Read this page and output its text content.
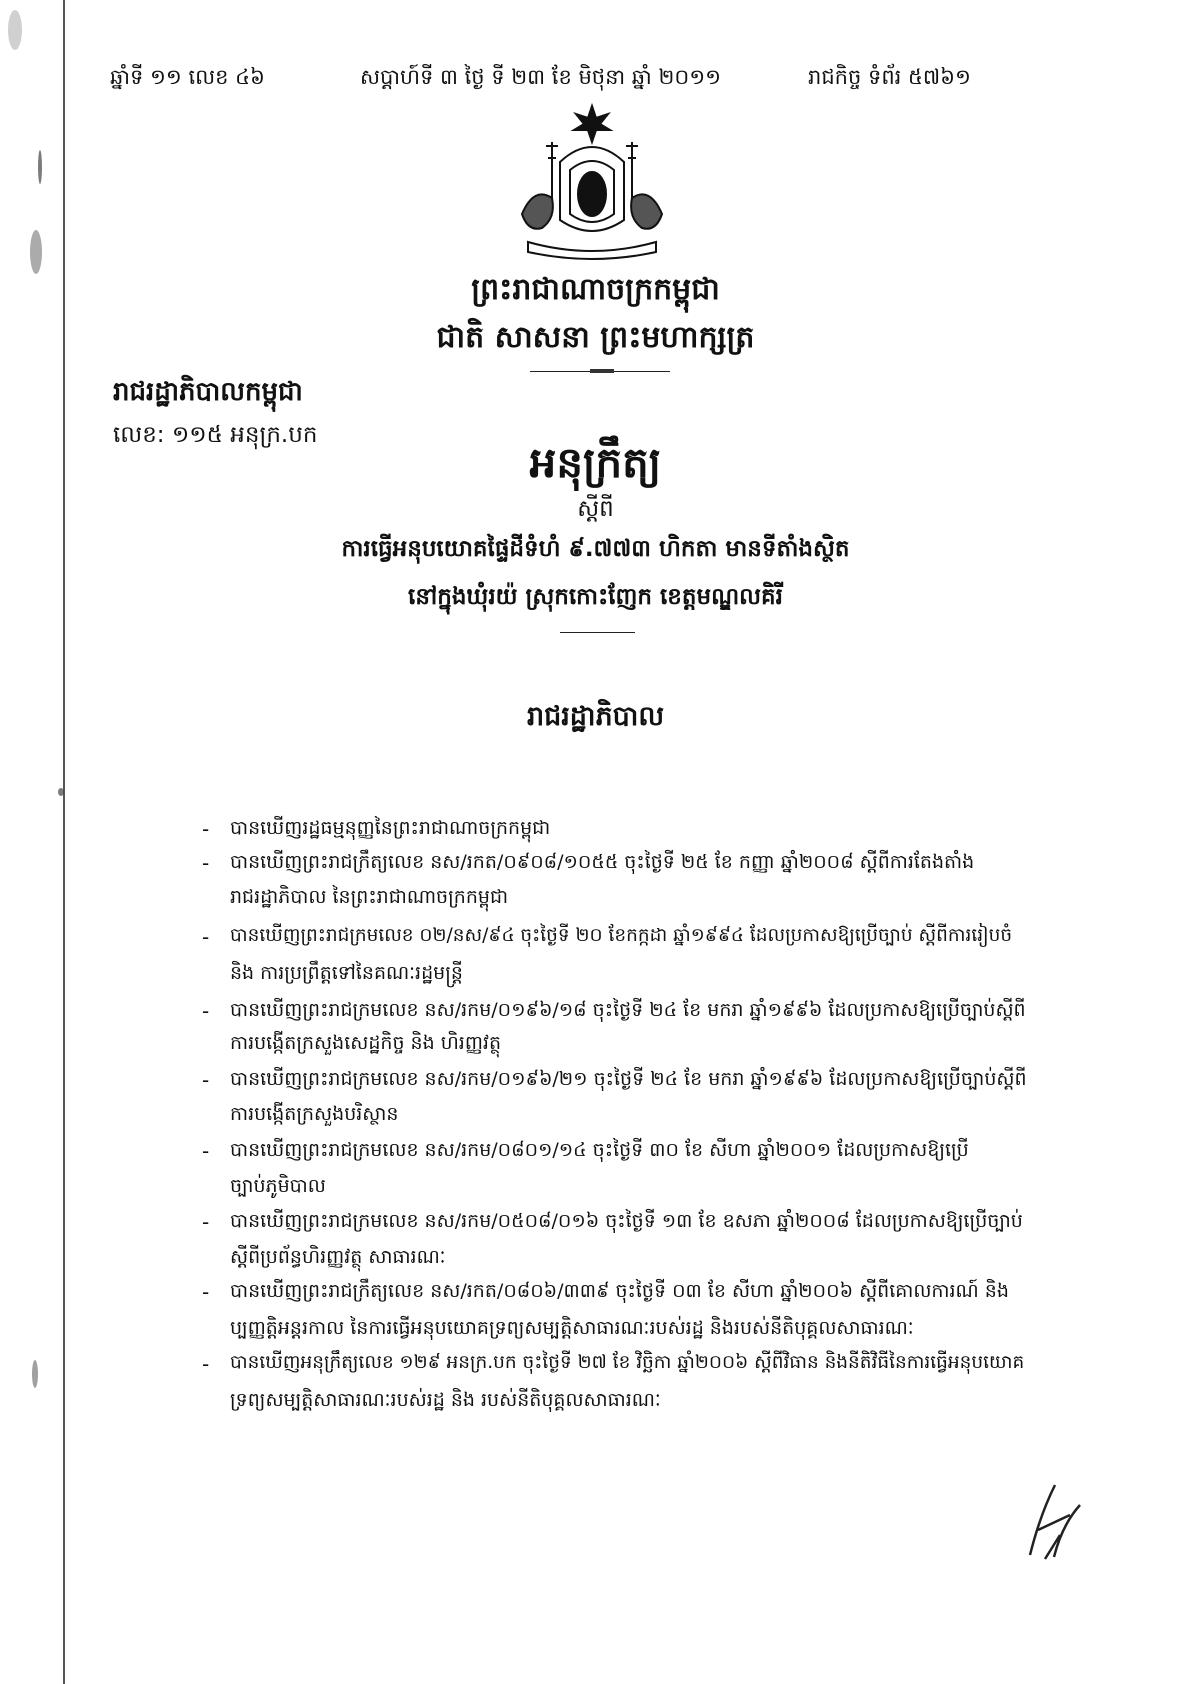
ឆ្នាំទី ១១ លេខ ៤៦	សប្តាហ៍ទី ៣ ថ្ងៃ ទី ២៣ ខែ មិថុនា ឆ្នាំ ២០១១	រាជកិច្ច ទំព័រ ៥៧៦១
ព្រះរាជាណាចក្រកម្ពុជា
ជាតិ សាសនា ព្រះមហាក្សត្រ
រាជរដ្ឋាភិបាលកម្ពុជា
លេខ: ១១៥ អនុក្រ.បក
អនុក្រឹត្យ
ស្តីពី
ការធ្វើអនុបយោគផ្ទៃដីទំហំ ៩.៧៧៣ ហិកតា មានទីតាំងស្ថិត
នៅក្នុងឃុំ​រយ៉ ស្រុកកោះញែក ខេត្តមណ្ឌលគិរី
រាជរដ្ឋាភិបាល
- បានឃើញរដ្ឋធម្មនុញ្ញនៃព្រះរាជាណាចក្រកម្ពុជា
- បានឃើញព្រះរាជក្រឹត្យលេខ នស/រកត/០៩០៨/១០៥៥ ចុះថ្ងៃទី ២៥ ខែ កញ្ញា ឆ្នាំ២០០៨ ស្តីពីការតែងតាំង
រាជរដ្ឋាភិបាល នៃព្រះរាជាណាចក្រកម្ពុជា
- បានឃើញព្រះរាជក្រមលេខ ០២/នស/៩៤ ចុះថ្ងៃទី ២០ ខែកក្កដា ឆ្នាំ១៩៩៤ ដែលប្រកាសឱ្យប្រើច្បាប់ ស្តីពីការរៀបចំ
និង ការប្រព្រឹត្តទៅនៃគណៈរដ្ឋមន្ត្រី
- បានឃើញព្រះរាជក្រមលេខ នស/រកម/០១៩៦/១៨ ចុះថ្ងៃទី ២៤ ខែ មករា ឆ្នាំ១៩៩៦ ដែលប្រកាសឱ្យប្រើច្បាប់ស្តីពី
ការបង្កើតក្រសួងសេដ្ឋកិច្ច និង ហិរញ្ញវត្ថុ
- បានឃើញព្រះរាជក្រមលេខ នស/រកម/០១៩៦/២១ ចុះថ្ងៃទី ២៤ ខែ មករា ឆ្នាំ១៩៩៦ ដែលប្រកាសឱ្យប្រើច្បាប់ស្តីពី
ការបង្កើតក្រសួងបរិស្ថាន
- បានឃើញព្រះរាជក្រមលេខ នស/រកម/០៨០១/១៤ ចុះថ្ងៃទី ៣០ ខែ សីហា ឆ្នាំ២០០១ ដែលប្រកាសឱ្យប្រើ
ច្បាប់ភូមិបាល
- បានឃើញព្រះរាជក្រមលេខ នស/រកម/០៥០៨/០១៦ ចុះថ្ងៃទី ១៣ ខែ ឧសភា ឆ្នាំ២០០៨ ដែលប្រកាសឱ្យប្រើច្បាប់
ស្តីពីប្រព័ន្ធហិរញ្ញវត្ថុ សាធារណៈ
- បានឃើញព្រះរាជក្រឹត្យលេខ នស/រកត/០៨០៦/៣៣៩ ចុះថ្ងៃទី ០៣ ខែ សីហា ឆ្នាំ២០០៦ ស្តីពីគោលការណ៍ និង
ប្បញ្ញត្តិអន្តរកាល នៃការធ្វើអនុបយោគទ្រព្យសម្បត្តិសាធារណៈរបស់រដ្ឋ និងរបស់នីតិបុគ្គលសាធារណៈ
- បានឃើញអនុក្រឹត្យលេខ ១២៩ អនក្រ.បក ចុះថ្ងៃទី ២៧ ខែ វិច្ឆិកា ឆ្នាំ២០០៦ ស្តីពីវិធាន និងនីតិវិធីនៃការធ្វើអនុបយោគ
ទ្រព្យសម្បត្តិសាធារណៈរបស់រដ្ឋ និង របស់នីតិបុគ្គលសាធារណៈ
